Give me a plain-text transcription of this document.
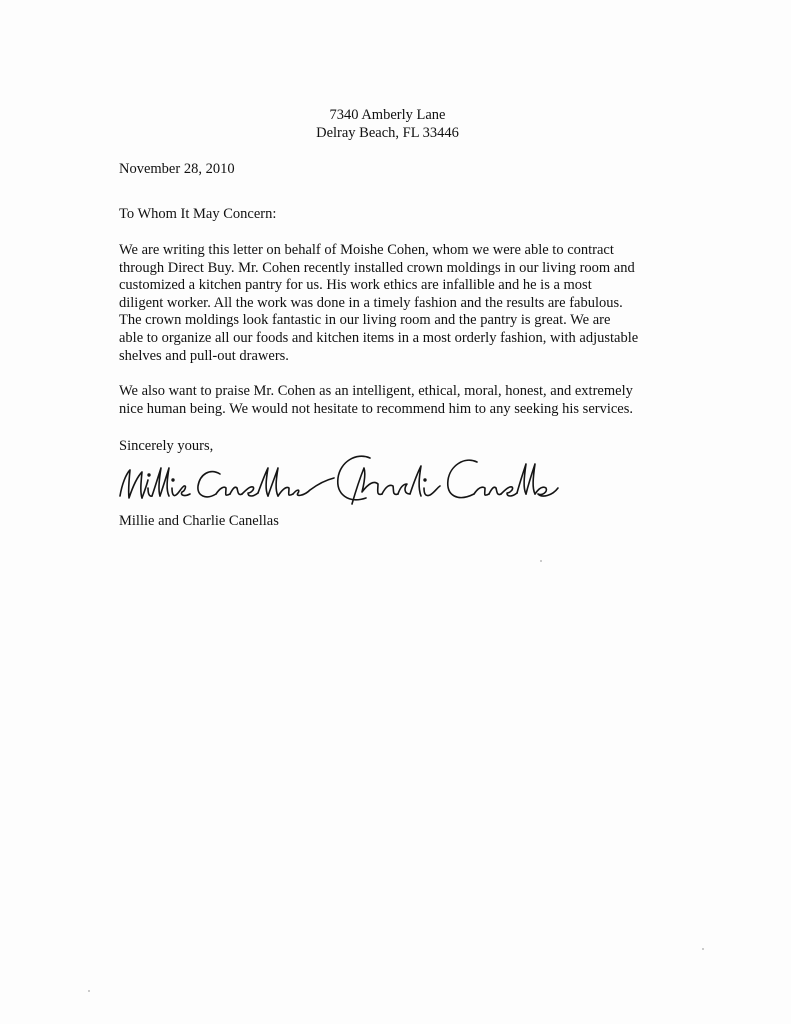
7340 Amberly Lane
Delray Beach, FL 33446
November 28, 2010
To Whom It May Concern:
We are writing this letter on behalf of Moishe Cohen, whom we were able to contract
through Direct Buy. Mr. Cohen recently installed crown moldings in our living room and
customized a kitchen pantry for us. His work ethics are infallible and he is a most
diligent worker. All the work was done in a timely fashion and the results are fabulous.
The crown moldings look fantastic in our living room and the pantry is great. We are
able to organize all our foods and kitchen items in a most orderly fashion, with adjustable
shelves and pull-out drawers.
We also want to praise Mr. Cohen as an intelligent, ethical, moral, honest, and extremely
nice human being. We would not hesitate to recommend him to any seeking his services.
Sincerely yours,
Millie and Charlie Canellas
